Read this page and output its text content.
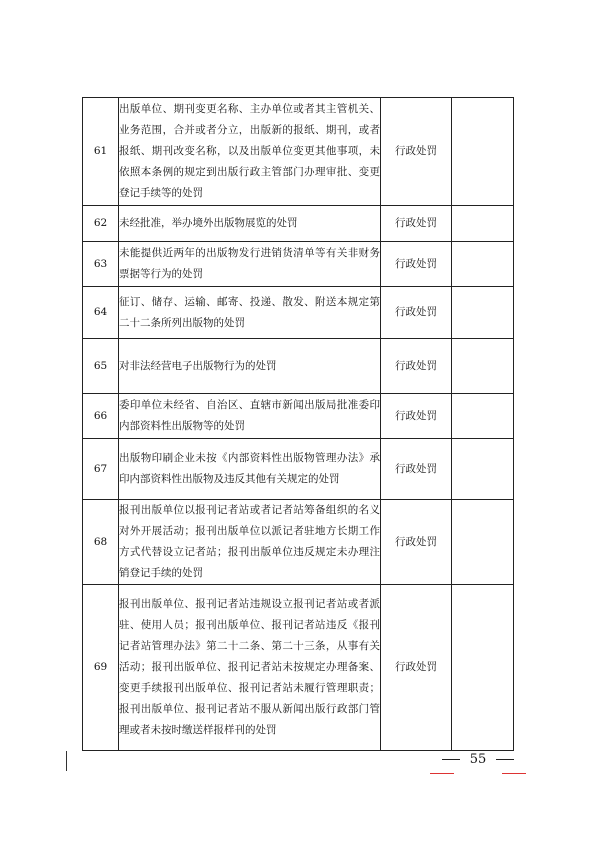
61	出版单位、期刊变更名称、主办单位或者其主管机关、业务范围，合并或者分立，出版新的报纸、期刊，或者报纸、期刊改变名称，以及出版单位变更其他事项，未依照本条例的规定到出版行政主管部门办理审批、变更登记手续等的处罚	行政处罚	
62	未经批准，举办境外出版物展览的处罚	行政处罚	
63	未能提供近两年的出版物发行进销货清单等有关非财务票据等行为的处罚	行政处罚	
64	征订、储存、运输、邮寄、投递、散发、附送本规定第二十二条所列出版物的处罚	行政处罚	
65	对非法经营电子出版物行为的处罚	行政处罚	
66	委印单位未经省、自治区、直辖市新闻出版局批准委印内部资料性出版物等的处罚	行政处罚	
67	出版物印刷企业未按《内部资料性出版物管理办法》承印内部资料性出版物及违反其他有关规定的处罚	行政处罚	
68	报刊出版单位以报刊记者站或者记者站筹备组织的名义对外开展活动；报刊出版单位以派记者驻地方长期工作方式代替设立记者站；报刊出版单位违反规定未办理注销登记手续的处罚	行政处罚	
69	报刊出版单位、报刊记者站违规设立报刊记者站或者派驻、使用人员；报刊出版单位、报刊记者站违反《报刊记者站管理办法》第二十二条、第二十三条，从事有关活动；报刊出版单位、报刊记者站未按规定办理备案、变更手续报刊出版单位、报刊记者站未履行管理职责；报刊出版单位、报刊记者站不服从新闻出版行政部门管理或者未按时缴送样报样刊的处罚	行政处罚	
55
